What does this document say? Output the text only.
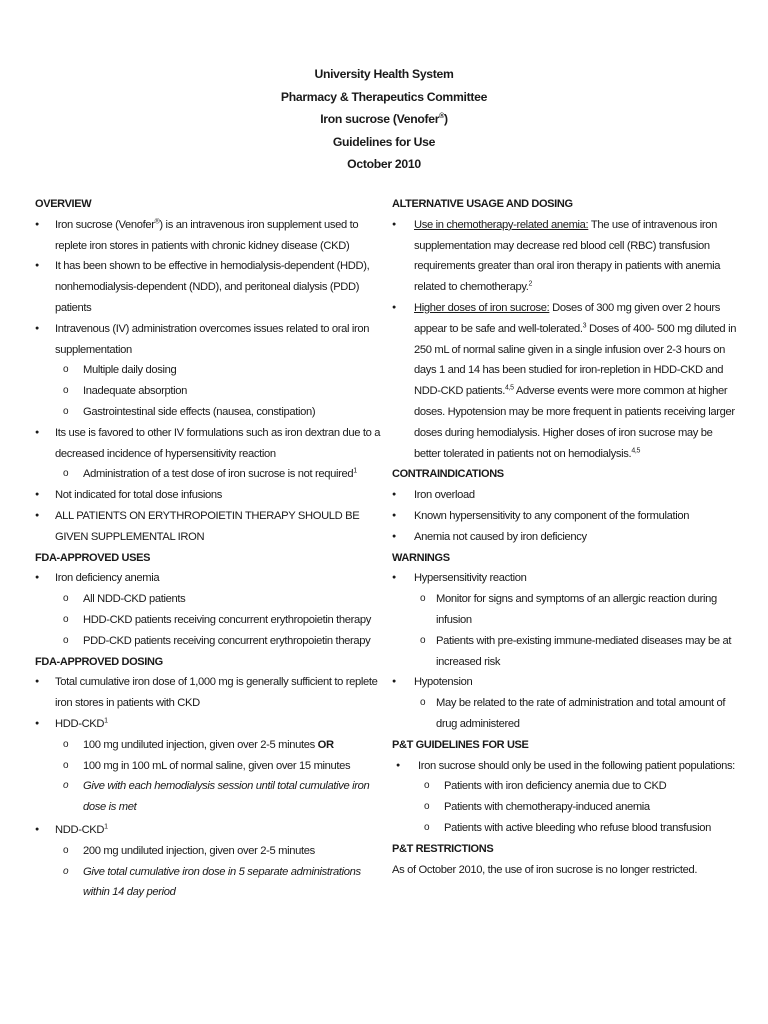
University Health System
Pharmacy & Therapeutics Committee
Iron sucrose (Venofer®)
Guidelines for Use
October 2010
OVERVIEW
● Iron sucrose (Venofer®) is an intravenous iron supplement used to replete iron stores in patients with chronic kidney disease (CKD)
● It has been shown to be effective in hemodialysis-dependent (HDD), nonhemodialysis-dependent (NDD), and peritoneal dialysis (PDD) patients
● Intravenous (IV) administration overcomes issues related to oral iron supplementation
o Multiple daily dosing
o Inadequate absorption
o Gastrointestinal side effects (nausea, constipation)
● Its use is favored to other IV formulations such as iron dextran due to a decreased incidence of hypersensitivity reaction
o Administration of a test dose of iron sucrose is not required$^1$
● Not indicated for total dose infusions
● ALL PATIENTS ON ERYTHROPOIETIN THERAPY SHOULD BE GIVEN SUPPLEMENTAL IRON
FDA-APPROVED USES
● Iron deficiency anemia
o All NDD-CKD patients
o HDD-CKD patients receiving concurrent erythropoietin therapy
o PDD-CKD patients receiving concurrent erythropoietin therapy
FDA-APPROVED DOSING
● Total cumulative iron dose of 1,000 mg is generally sufficient to replete iron stores in patients with CKD
● HDD-CKD$^1$
o 100 mg undiluted injection, given over 2-5 minutes OR
o 100 mg in 100 mL of normal saline, given over 15 minutes
o Give with each hemodialysis session until total cumulative iron dose is met
● NDD-CKD$^1$
o 200 mg undiluted injection, given over 2-5 minutes
o Give total cumulative iron dose in 5 separate administrations within 14 day period
ALTERNATIVE USAGE AND DOSING
● Use in chemotherapy-related anemia: The use of intravenous iron supplementation may decrease red blood cell (RBC) transfusion requirements greater than oral iron therapy in patients with anemia related to chemotherapy.$^2$
● Higher doses of iron sucrose: Doses of 300 mg given over 2 hours appear to be safe and well-tolerated.$^3$ Doses of 400- 500 mg diluted in 250 mL of normal saline given in a single infusion over 2-3 hours on days 1 and 14 has been studied for iron-repletion in HDD-CKD and NDD-CKD patients.$^{4,5}$ Adverse events were more common at higher doses. Hypotension may be more frequent in patients receiving larger doses during hemodialysis. Higher doses of iron sucrose may be better tolerated in patients not on hemodialysis.$^{4,5}$
CONTRAINDICATIONS
● Iron overload
● Known hypersensitivity to any component of the formulation
● Anemia not caused by iron deficiency
WARNINGS
● Hypersensitivity reaction
o Monitor for signs and symptoms of an allergic reaction during infusion
o Patients with pre-existing immune-mediated diseases may be at increased risk
● Hypotension
o May be related to the rate of administration and total amount of drug administered
P&T GUIDELINES FOR USE
● Iron sucrose should only be used in the following patient populations:
o Patients with iron deficiency anemia due to CKD
o Patients with chemotherapy-induced anemia
o Patients with active bleeding who refuse blood transfusion
P&T RESTRICTIONS
As of October 2010, the use of iron sucrose is no longer restricted.
